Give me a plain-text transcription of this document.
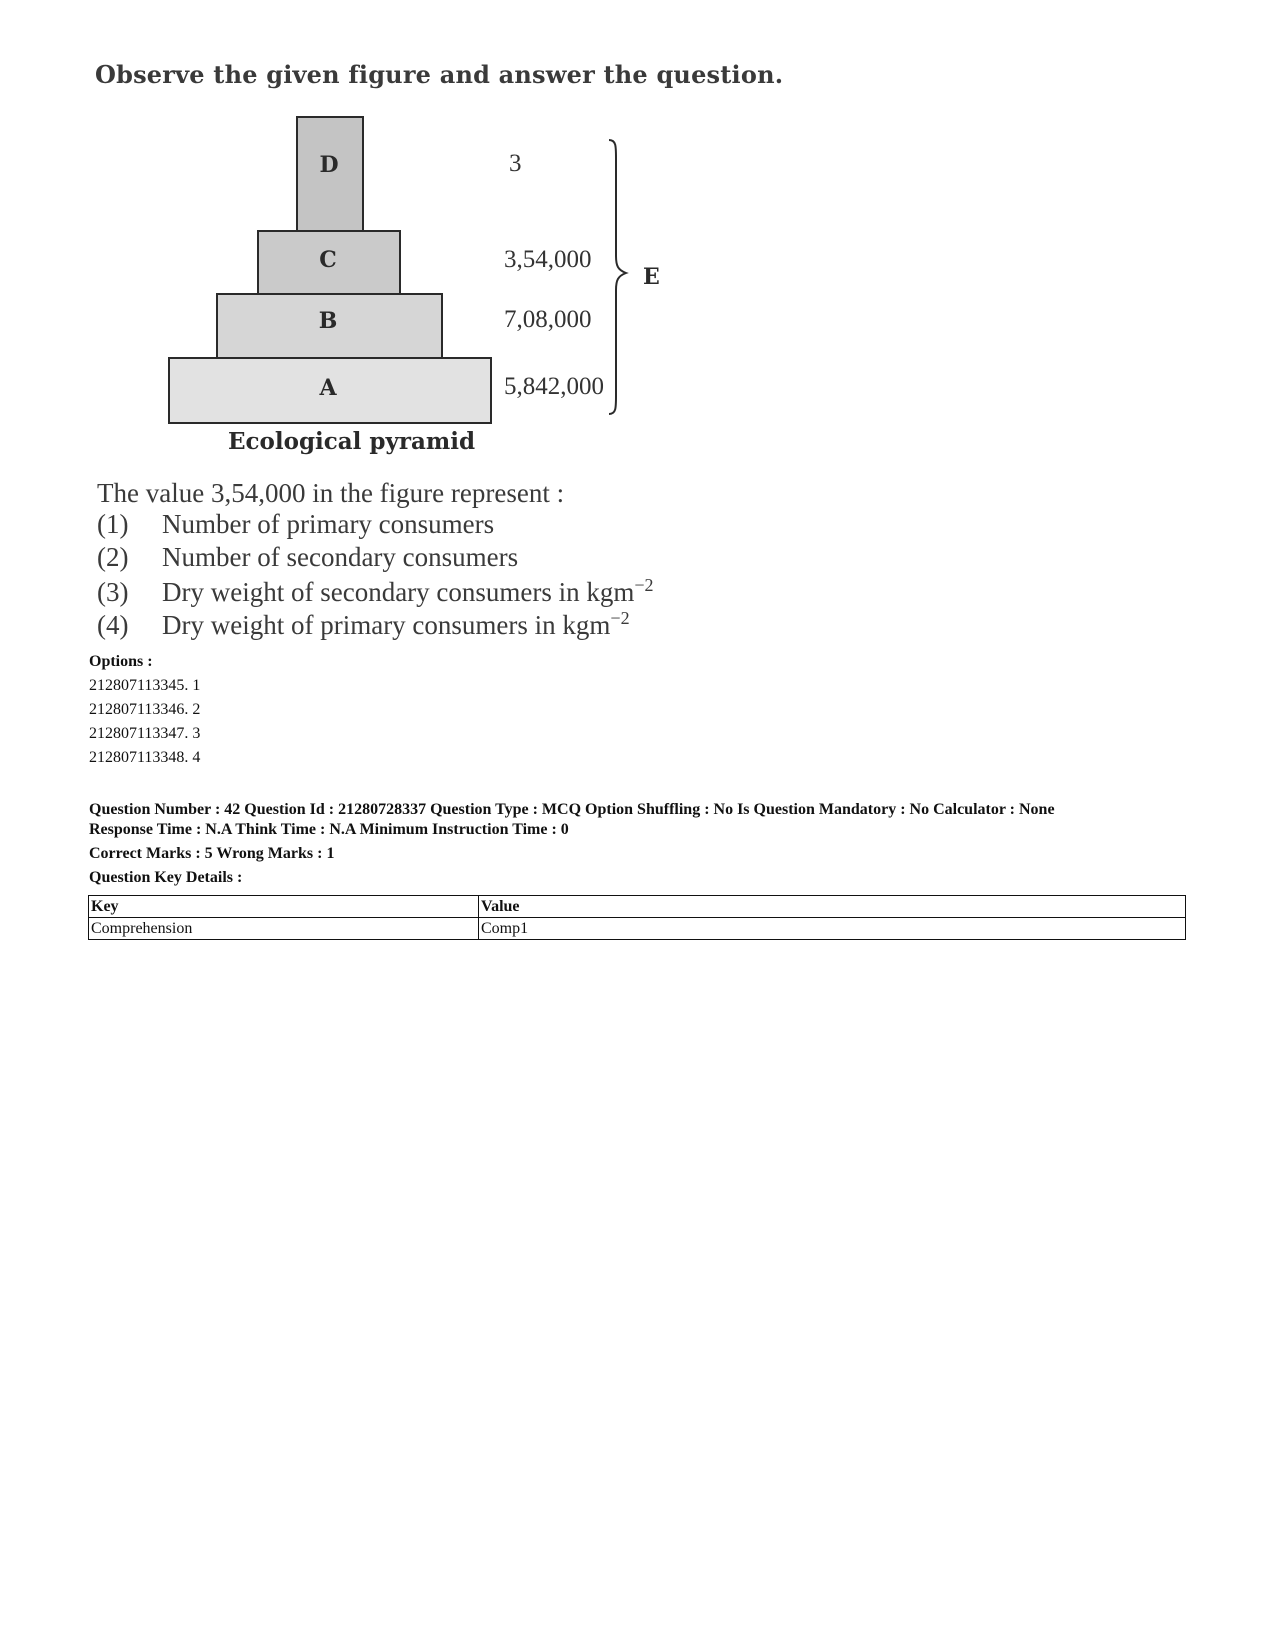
Observe the given figure and answer the question.
D
C
B
A
3
3,54,000
7,08,000
5,842,000
E
Ecological pyramid
The value 3,54,000 in the figure represent :
(1) Number of primary consumers
(2) Number of secondary consumers
(3) Dry weight of secondary consumers in kgm$^{-2}$
(4) Dry weight of primary consumers in kgm$^{-2}$
Options :
212807113345. 1
212807113346. 2
212807113347. 3
212807113348. 4
Question Number : 42 Question Id : 21280728337 Question Type : MCQ Option Shuffling : No Is Question Mandatory : No Calculator : None
Response Time : N.A Think Time : N.A Minimum Instruction Time : 0
Correct Marks : 5 Wrong Marks : 1
Question Key Details :
Key	Value
Comprehension	Comp1
